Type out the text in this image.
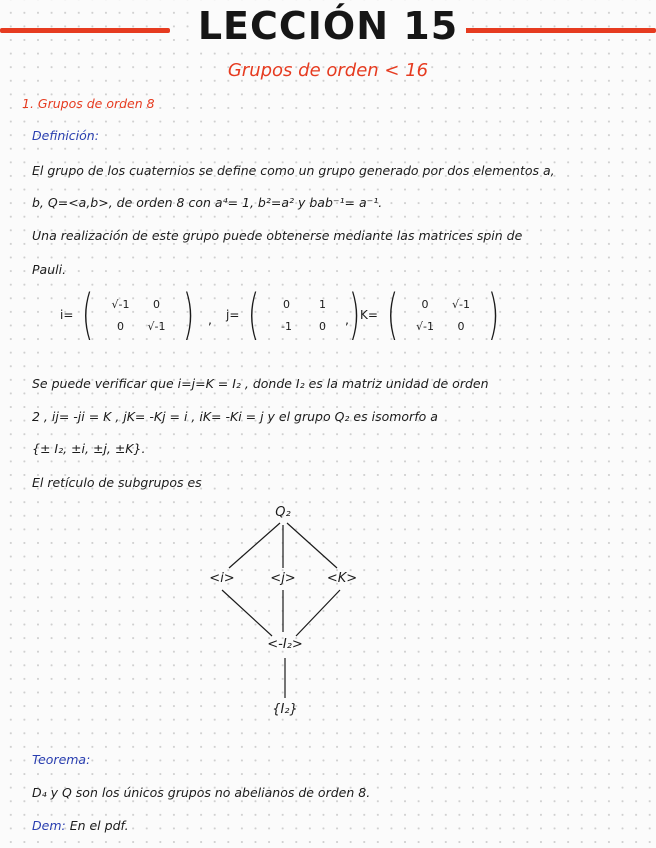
LECCIÓN 15
Grupos de orden < 16
1. Grupos de orden 8
Definición:
El grupo de los cuaternios se define como un grupo generado por dos elementos a,
b, Q=<a,b>, de orden 8 con a⁴= 1, b²=a² y bab⁻¹= a⁻¹.
Una realización de este grupo puede obtenerse mediante las matrices spin de
Pauli.
i= ( √-1 0
0 √-1 ) , j= ( 0	1
-1 0 )
, K= ( 0 √-1
√-1 0 )
Se puede verificar que i=j=K = I₂ , donde I₂ es la matriz unidad de orden
2 , ij= -ji = K , jK= -Kj = i , iK= -Ki = j y el grupo Q₂ es isomorfo a
{± I₂, ±i, ±j, ±K}.
El retículo de subgrupos es
Q₂
<i>	<j> <K>
<-I₂>
{I₂}
Teorema:
D₄ y Q son los únicos grupos no abelianos de orden 8.
Dem: En el pdf.
